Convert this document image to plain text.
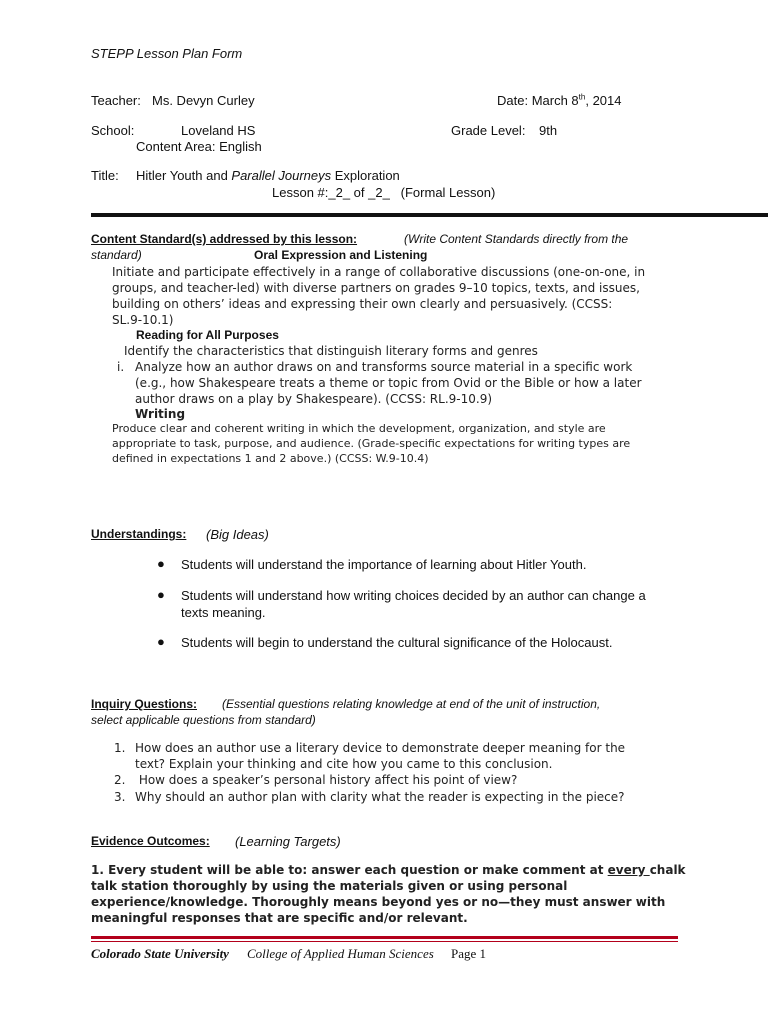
STEPP Lesson Plan Form
Teacher: Ms. Devyn Curley	Date: March 8th, 2014
School:	Loveland HS	Grade Level: 9th
Content Area: English
Title: Hitler Youth and Parallel Journeys Exploration
Lesson #:_2_ of _2_   (Formal Lesson)
Content Standard(s) addressed by this lesson:	(Write Content Standards directly from the
standard)	Oral Expression and Listening
Initiate and participate effectively in a range of collaborative discussions (one-on-one, in
groups, and teacher-led) with diverse partners on grades 9–10 topics, texts, and issues,
building on others’ ideas and expressing their own clearly and persuasively. (CCSS:
SL.9-10.1)
Reading for All Purposes
Identify the characteristics that distinguish literary forms and genres
i. Analyze how an author draws on and transforms source material in a specific work
(e.g., how Shakespeare treats a theme or topic from Ovid or the Bible or how a later
author draws on a play by Shakespeare). (CCSS: RL.9-10.9)
Writing
Produce clear and coherent writing in which the development, organization, and style are
appropriate to task, purpose, and audience. (Grade-specific expectations for writing types are
defined in expectations 1 and 2 above.) (CCSS: W.9-10.4)
Understandings: (Big Ideas)
● Students will understand the importance of learning about Hitler Youth.
● Students will understand how writing choices decided by an author can change a
texts meaning.
● Students will begin to understand the cultural significance of the Holocaust.
Inquiry Questions: (Essential questions relating knowledge at end of the unit of instruction,
select applicable questions from standard)
1. How does an author use a literary device to demonstrate deeper meaning for the
text? Explain your thinking and cite how you came to this conclusion.
2. How does a speaker’s personal history affect his point of view?
3. Why should an author plan with clarity what the reader is expecting in the piece?
Evidence Outcomes: (Learning Targets)
1. Every student will be able to: answer each question or make comment at every chalk
talk station thoroughly by using the materials given or using personal
experience/knowledge. Thoroughly means beyond yes or no—they must answer with
meaningful responses that are specific and/or relevant.
Colorado State University College of Applied Human Sciences Page 1
